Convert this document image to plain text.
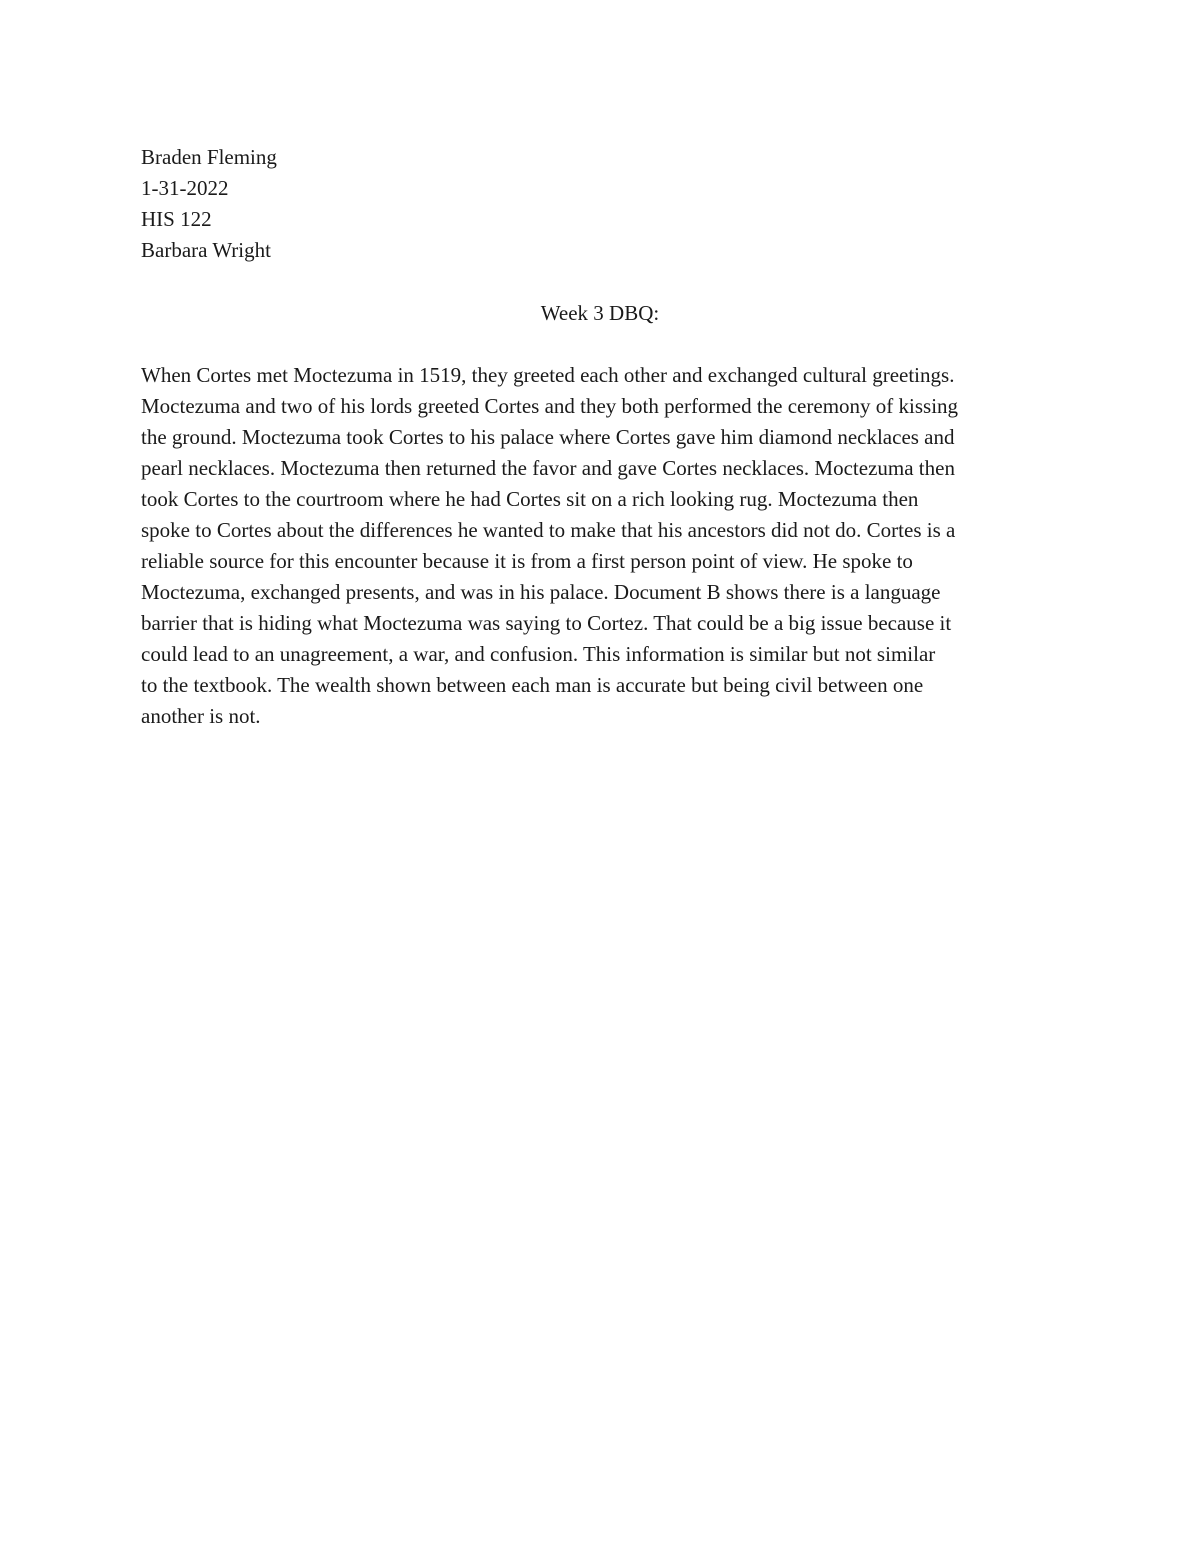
Braden Fleming
1-31-2022
HIS 122
Barbara Wright
Week 3 DBQ:
When Cortes met Moctezuma in 1519, they greeted each other and exchanged cultural greetings.
Moctezuma and two of his lords greeted Cortes and they both performed the ceremony of kissing
the ground. Moctezuma took Cortes to his palace where Cortes gave him diamond necklaces and
pearl necklaces. Moctezuma then returned the favor and gave Cortes necklaces. Moctezuma then
took Cortes to the courtroom where he had Cortes sit on a rich looking rug. Moctezuma then
spoke to Cortes about the differences he wanted to make that his ancestors did not do. Cortes is a
reliable source for this encounter because it is from a first person point of view. He spoke to
Moctezuma, exchanged presents, and was in his palace. Document B shows there is a language
barrier that is hiding what Moctezuma was saying to Cortez. That could be a big issue because it
could lead to an unagreement, a war, and confusion. This information is similar but not similar
to the textbook. The wealth shown between each man is accurate but being civil between one
another is not.
